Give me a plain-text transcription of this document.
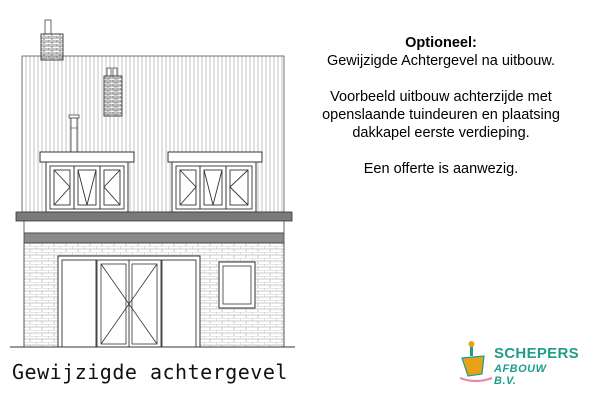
Optioneel:

Gewijzigde Achtergevel na uitbouw.

Voorbeeld uitbouw achterzijde met

openslaande tuindeuren en plaatsing

dakkapel eerste verdieping.

Een offerte is aanwezig.

Gewijzigde achtergevel
SCHEPERS
AFBOUW B.V.
